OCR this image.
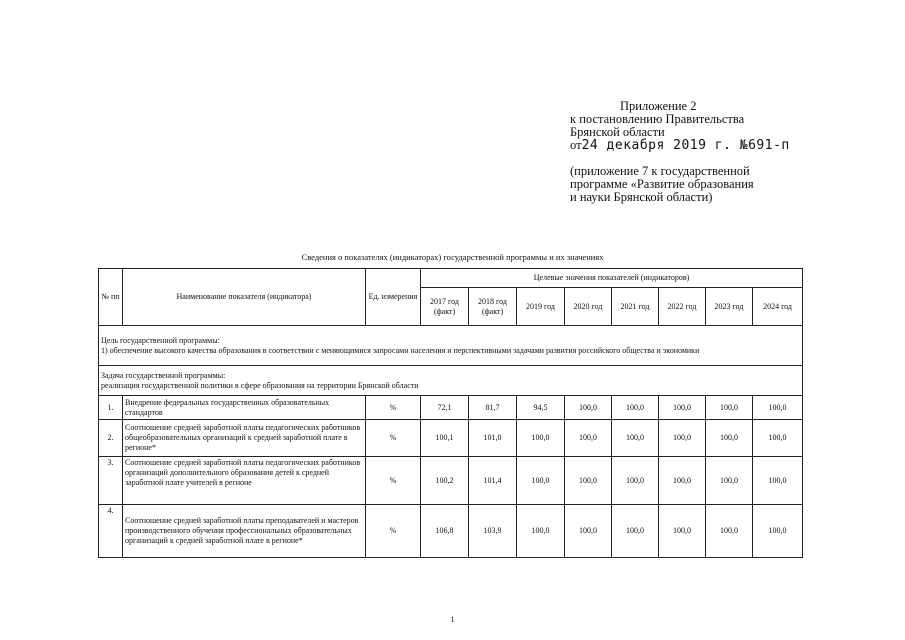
Приложение 2
к постановлению Правительства
Брянской области
от24 декабря 2019 г. №691-п
(приложение 7 к государственной
программе «Развитие образования
и науки Брянской области)
Сведения о показателях (индикаторах) государственной программы и их значениях
№ пп	Наименование показателя (индикатора)	Ед. измерения	Целевые значения показателей (индикаторов)							
			2017 год (факт)	2018 год (факт)	2019 год	2020 год	2021 год	2022 год	2023 год	2024 год
Цель государственной программы:
1) обеспечение высокого качества образования в соответствии с меняющимися запросами населения и перспективными задачами развития российского общества и экономики										
Задача государственной программы:
реализация государственной политики в сфере образования на территории Брянской области										
1.	Внедрение федеральных государственных образовательных стандартов	%	72,1	81,7	94,5	100,0	100,0	100,0	100,0	100,0
2.	Соотношение средней заработной платы педагогических работников общеобразовательных организаций к средней заработной плате в регионе*	%	100,1	101,0	100,0	100,0	100,0	100,0	100,0	100,0
3.	Соотношение средней заработной платы педагогических работников организаций дополнительного образования детей к средней заработной плате учителей в регионе	%	100,2	101,4	100,0	100,0	100,0	100,0	100,0	100,0
4.	Соотношение средней заработной платы преподавателей и мастеров производственного обучения профессиональных образовательных организаций к средней заработной плате в регионе*	%	106,8	103,9	100,0	100,0	100,0	100,0	100,0	100,0
1
